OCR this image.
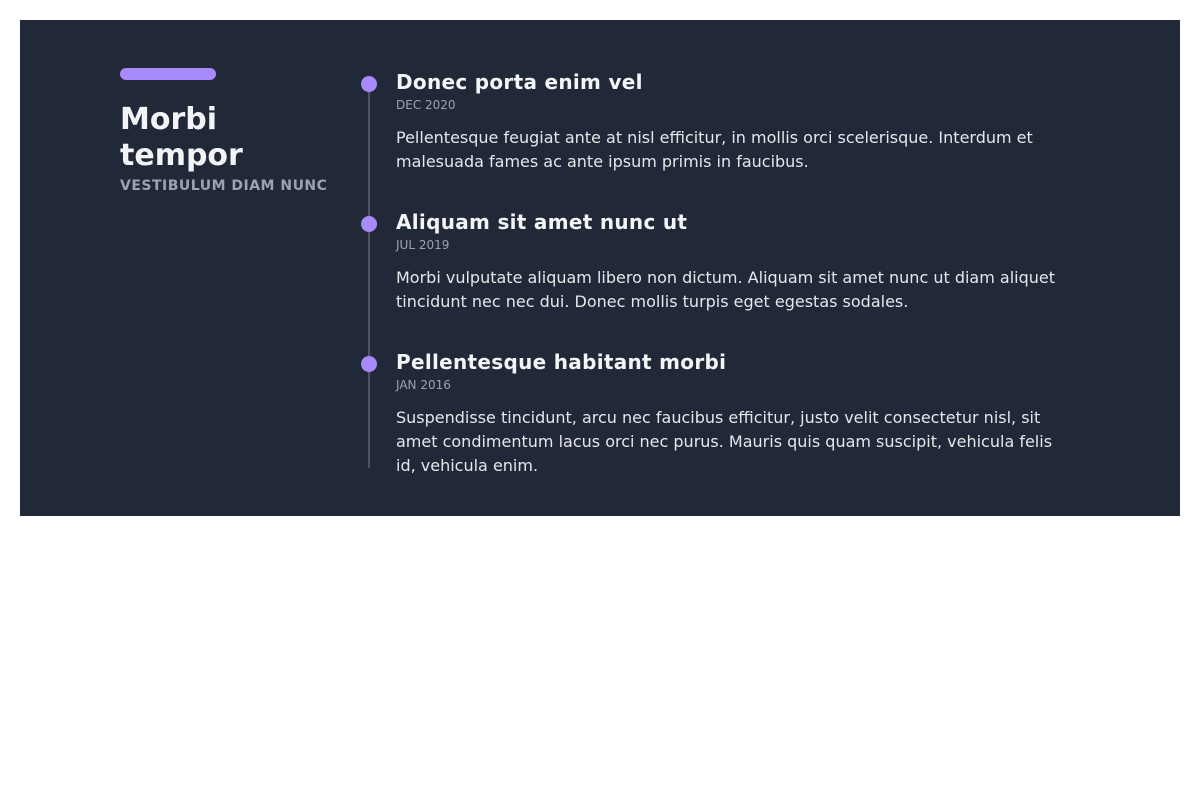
Morbi tempor
VESTIBULUM DIAM NUNC
Donec porta enim vel
DEC 2020
Pellentesque feugiat ante at nisl efficitur, in mollis orci scelerisque. Interdum et malesuada fames ac ante ipsum primis in faucibus.
Aliquam sit amet nunc ut
JUL 2019
Morbi vulputate aliquam libero non dictum. Aliquam sit amet nunc ut diam aliquet tincidunt nec nec dui. Donec mollis turpis eget egestas sodales.
Pellentesque habitant morbi
JAN 2016
Suspendisse tincidunt, arcu nec faucibus efficitur, justo velit consectetur nisl, sit amet condimentum lacus orci nec purus. Mauris quis quam suscipit, vehicula felis id, vehicula enim.
